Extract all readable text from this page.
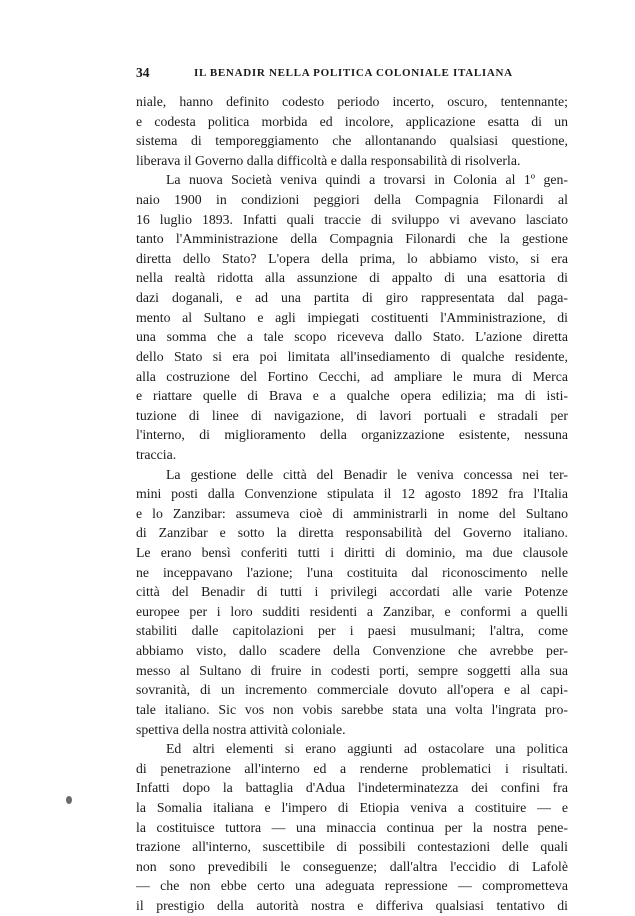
34	IL BENADIR NELLA POLITICA COLONIALE ITALIANA
niale, hanno definito codesto periodo incerto, oscuro, tentennante;
e codesta politica morbida ed incolore, applicazione esatta di un
sistema di temporeggiamento che allontanando qualsiasi questione,
liberava il Governo dalla difficoltà e dalla responsabilità di risolverla.
La nuova Società veniva quindi a trovarsi in Colonia al 1º gen-
naio 1900 in condizioni peggiori della Compagnia Filonardi al
16 luglio 1893. Infatti quali traccie di sviluppo vi avevano lasciato
tanto l'Amministrazione della Compagnia Filonardi che la gestione
diretta dello Stato? L'opera della prima, lo abbiamo visto, si era
nella realtà ridotta alla assunzione di appalto di una esattoria di
dazi doganali, e ad una partita di giro rappresentata dal paga-
mento al Sultano e agli impiegati costituenti l'Amministrazione, di
una somma che a tale scopo riceveva dallo Stato. L'azione diretta
dello Stato si era poi limitata all'insediamento di qualche residente,
alla costruzione del Fortino Cecchi, ad ampliare le mura di Merca
e riattare quelle di Brava e a qualche opera edilizia; ma di isti-
tuzione di linee di navigazione, di lavori portuali e stradali per
l'interno, di miglioramento della organizzazione esistente, nessuna
traccia.
La gestione delle città del Benadir le veniva concessa nei ter-
mini posti dalla Convenzione stipulata il 12 agosto 1892 fra l'Italia
e lo Zanzibar: assumeva cioè di amministrarli in nome del Sultano
di Zanzibar e sotto la diretta responsabilità del Governo italiano.
Le erano bensì conferiti tutti i diritti di dominio, ma due clausole
ne inceppavano l'azione; l'una costituita dal riconoscimento nelle
città del Benadir di tutti i privilegi accordati alle varie Potenze
europee per i loro sudditi residenti a Zanzibar, e conformi a quelli
stabiliti dalle capitolazioni per i paesi musulmani; l'altra, come
abbiamo visto, dallo scadere della Convenzione che avrebbe per-
messo al Sultano di fruire in codesti porti, sempre soggetti alla sua
sovranità, di un incremento commerciale dovuto all'opera e al capi-
tale italiano. Sic vos non vobis sarebbe stata una volta l'ingrata pro-
spettiva della nostra attività coloniale.
Ed altri elementi si erano aggiunti ad ostacolare una politica
di penetrazione all'interno ed a renderne problematici i risultati.
Infatti dopo la battaglia d'Adua l'indeterminatezza dei confini fra
la Somalia italiana e l'impero di Etiopia veniva a costituire — e
la costituisce tuttora — una minaccia continua per la nostra pene-
trazione all'interno, suscettibile di possibili contestazioni delle quali
non sono prevedibili le conseguenze; dall'altra l'eccidio di Lafolè
— che non ebbe certo una adeguata repressione — comprometteva
il prestigio della autorità nostra e differiva qualsiasi tentativo di
